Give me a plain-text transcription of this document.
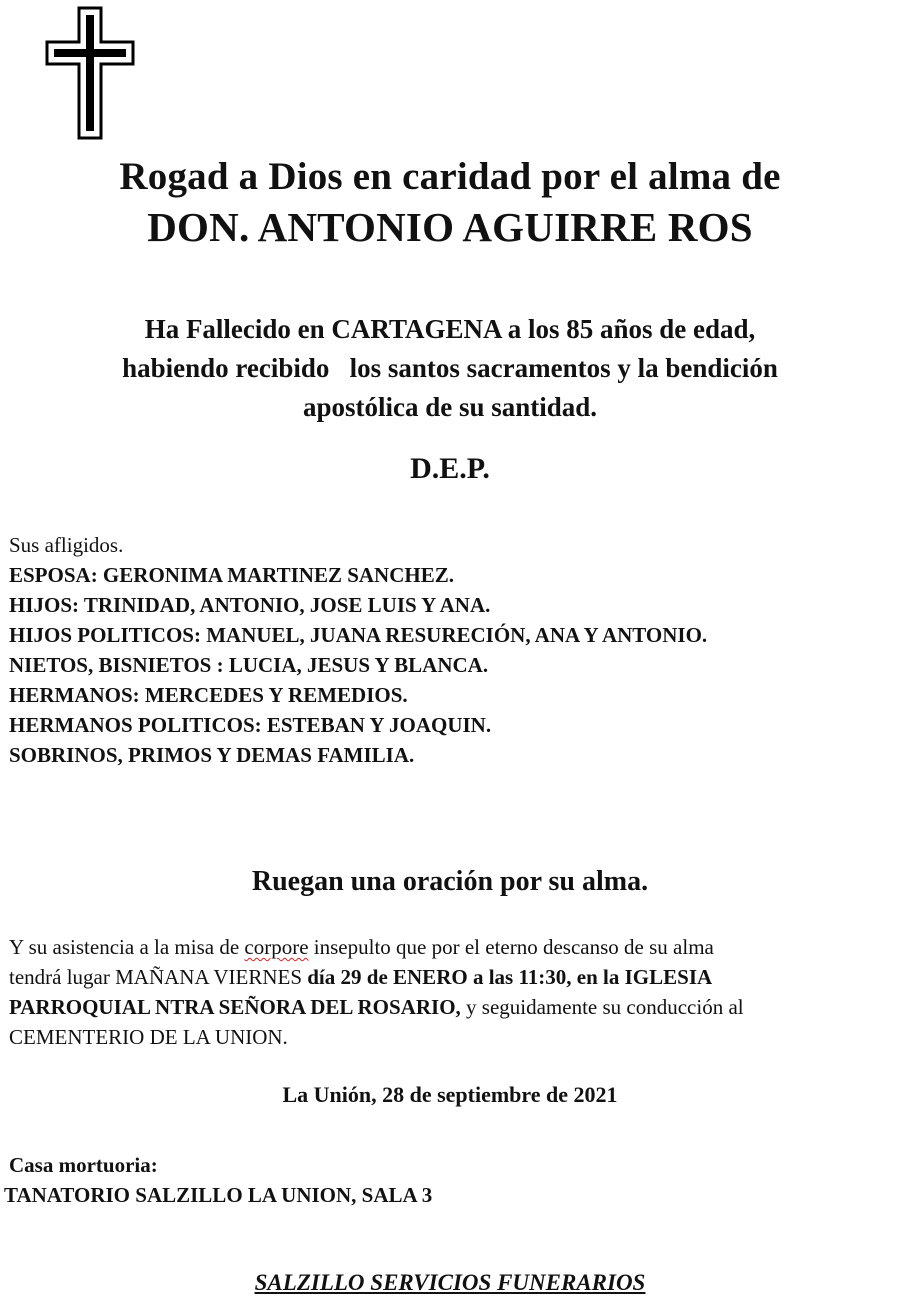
Rogad a Dios en caridad por el alma de
DON. ANTONIO AGUIRRE ROS
Ha Fallecido en CARTAGENA a los 85 años de edad,
habiendo recibido   los santos sacramentos y la bendición
apostólica de su santidad.
D.E.P.
Sus afligidos.
ESPOSA: GERONIMA MARTINEZ SANCHEZ.
HIJOS: TRINIDAD, ANTONIO, JOSE LUIS Y ANA.
HIJOS POLITICOS: MANUEL, JUANA RESURECIÓN, ANA Y ANTONIO.
NIETOS, BISNIETOS : LUCIA, JESUS Y BLANCA.
HERMANOS: MERCEDES Y REMEDIOS.
HERMANOS POLITICOS: ESTEBAN Y JOAQUIN.
SOBRINOS, PRIMOS Y DEMAS FAMILIA.
Ruegan una oración por su alma.
Y su asistencia a la misa de corpore insepulto que por el eterno descanso de su alma
tendrá lugar MAÑANA VIERNES día 29 de ENERO a las 11:30, en la IGLESIA
PARROQUIAL NTRA SEÑORA DEL ROSARIO, y seguidamente su conducción al
CEMENTERIO DE LA UNION.
La Unión, 28 de septiembre de 2021
Casa mortuoria:
TANATORIO SALZILLO LA UNION, SALA 3
SALZILLO SERVICIOS FUNERARIOS
